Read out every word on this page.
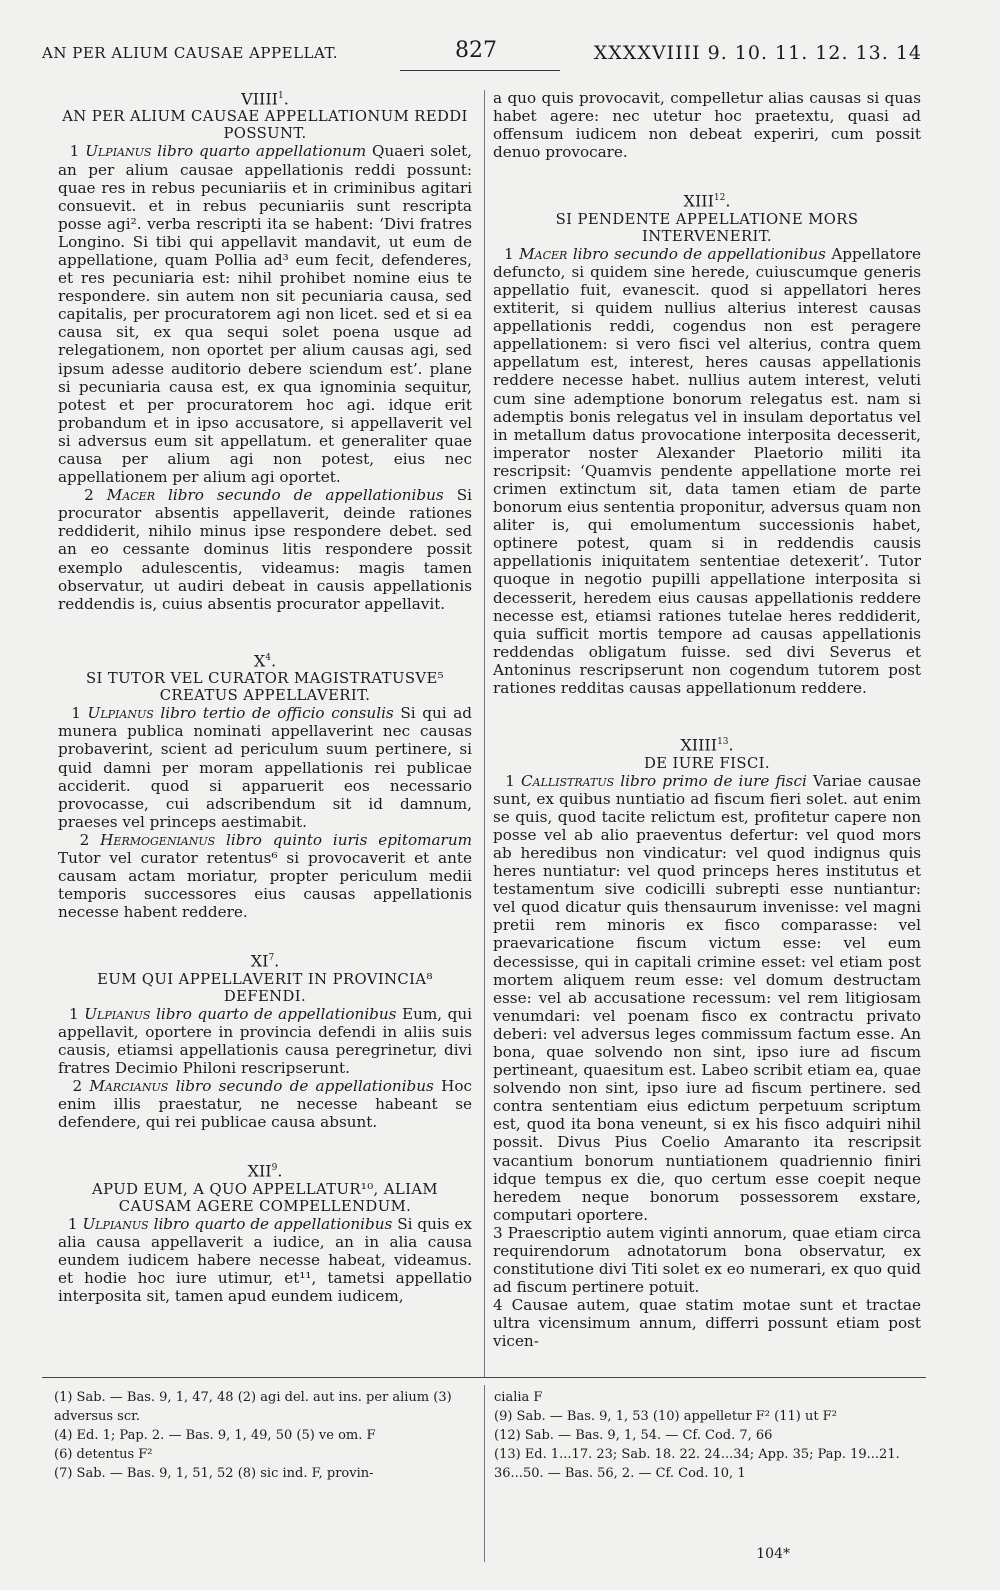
AN PER ALIUM CAUSAE APPELLAT.	827	XXXXVIIII 9. 10. 11. 12. 13. 14

VIIII$^1$.

AN PER ALIUM CAUSAE APPELLATIONUM REDDI POSSUNT.

1 Ulpianus libro quarto appellationum Quaeri solet, an per alium causae appellationis reddi possunt: quae res in rebus pecuniariis et in criminibus agitari consuevit. et in rebus pecuniariis sunt rescripta posse agi². verba rescripti ita se habent: ‘Divi fratres Longino. Si tibi qui appellavit mandavit, ut eum de appellatione, quam Pollia ad³ eum fecit, defenderes, et res pecuniaria est: nihil prohibet nomine eius te respondere. sin autem non sit pecuniaria causa, sed capitalis, per procuratorem agi non licet. sed et si ea causa sit, ex qua sequi solet poena usque ad relegationem, non oportet per alium causas agi, sed ipsum adesse auditorio debere sciendum est’. plane si pecuniaria causa est, ex qua ignominia sequitur, potest et per procuratorem hoc agi. idque erit probandum et in ipso accusatore, si appellaverit vel si adversus eum sit appellatum. et generaliter quae causa per alium agi non potest, eius nec appellationem per alium agi oportet.

2 Macer libro secundo de appellationibus Si procurator absentis appellaverit, deinde rationes reddiderit, nihilo minus ipse respondere debet. sed an eo cessante dominus litis respondere possit exemplo adulescentis, videamus: magis tamen observatur, ut audiri debeat in causis appellationis reddendis is, cuius absentis procurator appellavit.

$X^4$.

SI TUTOR VEL CURATOR MAGISTRATUSVE⁵ CREATUS APPELLAVERIT.

1 Ulpianus libro tertio de officio consulis Si qui ad munera publica nominati appellaverint nec causas probaverint, scient ad periculum suum pertinere, si quid damni per moram appellationis rei publicae acciderit. quod si apparuerit eos necessario provocasse, cui adscribendum sit id damnum, praeses vel princeps aestimabit.

2 Hermogenianus libro quinto iuris epitomarum Tutor vel curator retentus⁶ si provocaverit et ante causam actam moriatur, propter periculum medii temporis successores eius causas appellationis necesse habent reddere.

$XI^7$.

EUM QUI APPELLAVERIT IN PROVINCIA⁸ DEFENDI.

1 Ulpianus libro quarto de appellationibus Eum, qui appellavit, oportere in provincia defendi in aliis suis causis, etiamsi appellationis causa peregrinetur, divi fratres Decimio Philoni rescripserunt.

2 Marcianus libro secundo de appellationibus Hoc enim illis praestatur, ne necesse habeant se defendere, qui rei publicae causa absunt.

XII$^9$.

APUD EUM, A QUO APPELLATUR¹⁰, ALIAM CAUSAM AGERE COMPELLENDUM.

1 Ulpianus libro quarto de appellationibus Si quis ex alia causa appellaverit a iudice, an in alia causa eundem iudicem habere necesse habeat, videamus. et hodie hoc iure utimur, et¹¹, tametsi appellatio interposita sit, tamen apud eundem iudicem,

a quo quis provocavit, compelletur alias causas si quas habet agere: nec utetur hoc praetextu, quasi ad offensum iudicem non debeat experiri, cum possit denuo provocare.

XIII$^{12}$.

SI PENDENTE APPELLATIONE MORS INTERVENERIT.

1 Macer libro secundo de appellationibus Appellatore defuncto, si quidem sine herede, cuiuscumque generis appellatio fuit, evanescit. quod si appellatori heres extiterit, si quidem nullius alterius interest causas appellationis reddi, cogendus non est peragere appellationem: si vero fisci vel alterius, contra quem appellatum est, interest, heres causas appellationis reddere necesse habet. nullius autem interest, veluti cum sine ademptione bonorum relegatus est. nam si ademptis bonis relegatus vel in insulam deportatus vel in metallum datus provocatione interposita decesserit, imperator noster Alexander Plaetorio militi ita rescripsit: ‘Quamvis pendente appellatione morte rei crimen extinctum sit, data tamen etiam de parte bonorum eius sententia proponitur, adversus quam non aliter is, qui emolumentum successionis habet, optinere potest, quam si in reddendis causis appellationis iniquitatem sententiae detexerit’. Tutor quoque in negotio pupilli appellatione interposita si decesserit, heredem eius causas appellationis reddere necesse est, etiamsi rationes tutelae heres reddiderit, quia sufficit mortis tempore ad causas appellationis reddendas obligatum fuisse. sed divi Severus et Antoninus rescripserunt non cogendum tutorem post rationes redditas causas appellationum reddere.

XIIII$^{13}$.

DE IURE FISCI.

1 Callistratus libro primo de iure fisci Variae causae sunt, ex quibus nuntiatio ad fiscum fieri solet. aut enim se quis, quod tacite relictum est, profitetur capere non posse vel ab alio praeventus defertur: vel quod mors ab heredibus non vindicatur: vel quod indignus quis heres nuntiatur: vel quod princeps heres institutus et testamentum sive codicilli subrepti esse nuntiantur: vel quod dicatur quis thensaurum invenisse: vel magni pretii rem minoris ex fisco comparasse: vel praevaricatione fiscum victum esse: vel eum decessisse, qui in capitali crimine esset: vel etiam post mortem aliquem reum esse: vel domum destructam esse: vel ab accusatione recessum: vel rem litigiosam venumdari: vel poenam fisco ex contractu privato deberi: vel adversus leges commissum factum esse. An bona, quae solvendo non sint, ipso iure ad fiscum pertineant, quaesitum est. Labeo scribit etiam ea, quae solvendo non sint, ipso iure ad fiscum pertinere. sed contra sententiam eius edictum perpetuum scriptum est, quod ita bona veneunt, si ex his fisco adquiri nihil possit. Divus Pius Coelio Amaranto ita rescripsit vacantium bonorum nuntiationem quadriennio finiri idque tempus ex die, quo certum esse coepit neque heredem neque bonorum possessorem exstare, computari oportere.

3 Praescriptio autem viginti annorum, quae etiam circa requirendorum adnotatorum bona observatur, ex constitutione divi Titi solet ex eo numerari, ex quo quid ad fiscum pertinere potuit.

4 Causae autem, quae statim motae sunt et tractae ultra vicensimum annum, differri possunt etiam post vicen-

(1) Sab. — Bas. 9, 1, 47, 48 (2) agi del. aut ins. per alium (3) adversus scr.
(4) Ed. 1; Pap. 2. — Bas. 9, 1, 49, 50 (5) ve om. F
(6) detentus F²
(7) Sab. — Bas. 9, 1, 51, 52 (8) sic ind. F, provin-
cialia F
(9) Sab. — Bas. 9, 1, 53 (10) appelletur F² (11) ut F²
(12) Sab. — Bas. 9, 1, 54. — Cf. Cod. 7, 66
(13) Ed. 1...17. 23; Sab. 18. 22. 24...34; App. 35; Pap. 19...21. 36...50. — Bas. 56, 2. — Cf. Cod. 10, 1
104*
